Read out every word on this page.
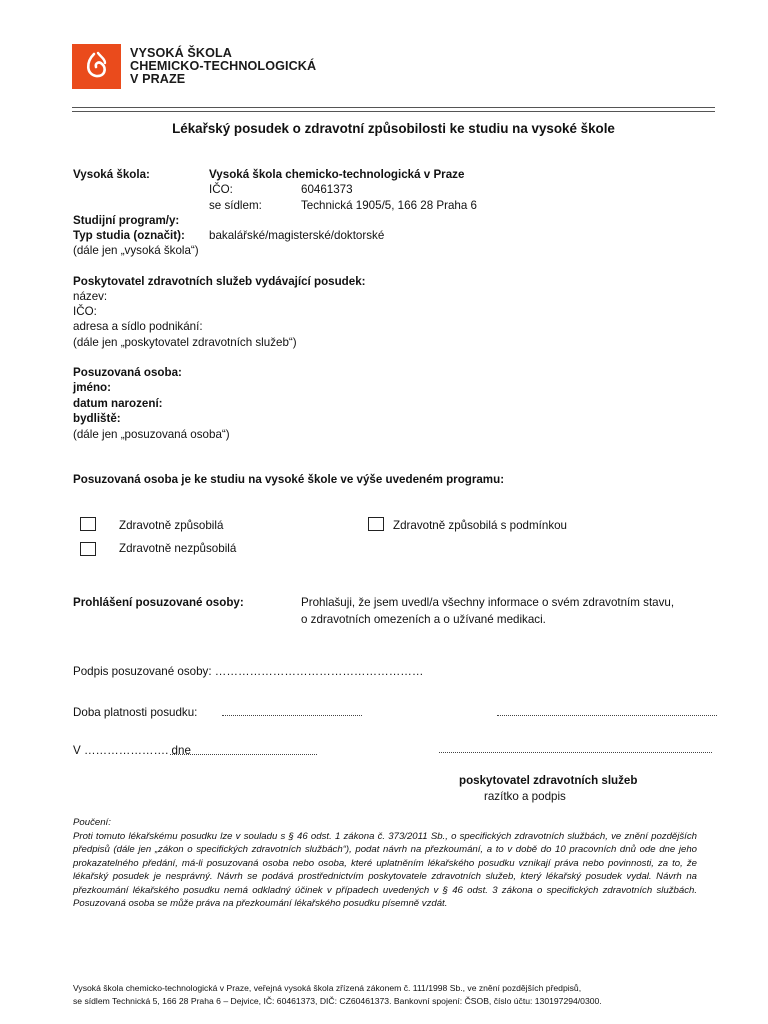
VYSOKÁ ŠKOLA
CHEMICKO-TECHNOLOGICKÁ
V PRAZE
Lékařský posudek o zdravotní způsobilosti ke studiu na vysoké škole
Vysoká škola:	Vysoká škola chemicko-technologická v Praze
IČO:	60461373
se sídlem:	Technická 1905/5, 166 28 Praha 6
Studijní program/y:
Typ studia (označit): bakalářské/magisterské/doktorské
(dále jen „vysoká škola“)
Poskytovatel zdravotních služeb vydávající posudek:
název:
IČO:
adresa a sídlo podnikání:
(dále jen „poskytovatel zdravotních služeb“)
Posuzovaná osoba:
jméno:
datum narození:
bydliště:
(dále jen „posuzovaná osoba“)
Posuzovaná osoba je ke studiu na vysoké škole ve výše uvedeném programu:
Zdravotně způsobilá	Zdravotně způsobilá s podmínkou
Zdravotně nezpůsobilá
Prohlášení posuzované osoby:	Prohlašuji, že jsem uvedl/a všechny informace o svém zdravotním stavu,
o zdravotních omezeních a o užívané medikaci.
Podpis posuzované osoby: ………………………………………………
Doba platnosti posudku:
V …………………. dne
poskytovatel zdravotních služeb
razítko a podpis
Poučení:
Proti tomuto lékařskému posudku lze v souladu s § 46 odst. 1 zákona č. 373/2011 Sb., o specifických zdravotních službách, ve znění pozdějších předpisů (dále jen „zákon o specifických zdravotních službách“), podat návrh na přezkoumání, a to v době do 10 pracovních dnů ode dne jeho prokazatelného předání, má-li posuzovaná osoba nebo osoba, které uplatněním lékařského posudku vznikají práva nebo povinnosti, za to, že lékařský posudek je nesprávný. Návrh se podává prostřednictvím poskytovatele zdravotních služeb, který lékařský posudek vydal. Návrh na přezkoumání lékařského posudku nemá odkladný účinek v případech uvedených v § 46 odst. 3 zákona o specifických zdravotních službách. Posuzovaná osoba se může práva na přezkoumání lékařského posudku písemně vzdát.
Vysoká škola chemicko-technologická v Praze, veřejná vysoká škola zřízená zákonem č. 111/1998 Sb., ve znění pozdějších předpisů,
se sídlem Technická 5, 166 28 Praha 6 – Dejvice, IČ: 60461373, DIČ: CZ60461373. Bankovní spojení: ČSOB, číslo účtu: 130197294/0300.
